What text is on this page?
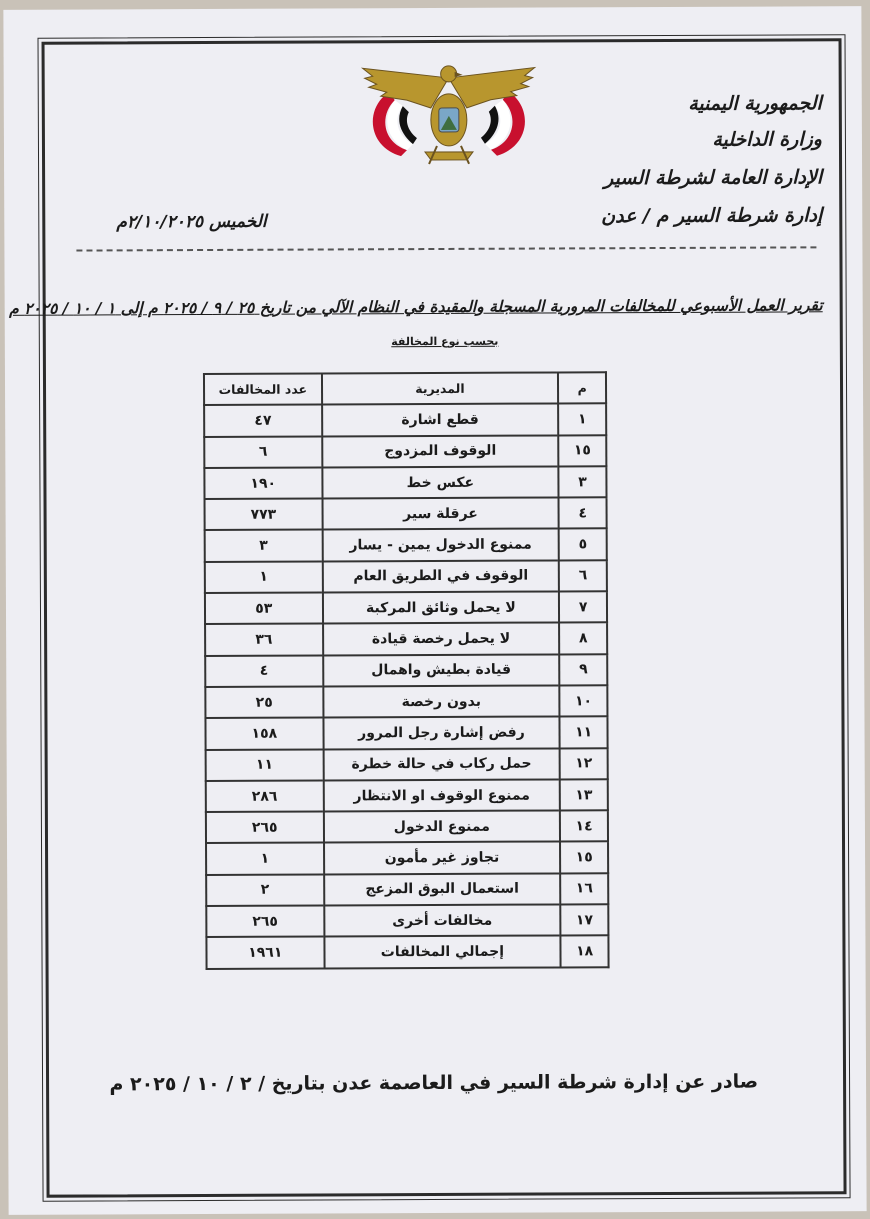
الجمهورية اليمنية
وزارة الداخلية
الإدارة العامة لشرطة السير
إدارة شرطة السير م / عدن
الخميس ٢/١٠/٢٠٢٥م
تقرير العمل الأسبوعي للمخالفات المرورية المسجلة والمقيدة في النظام الآلي من تاريخ ٢٥ / ٩ / ٢٠٢٥ م إلى ١ / ١٠ / ٢٠٢٥ م
بحسب نوع المخالفة
م	المديرية	عدد المخالفات
١	قطع اشارة	٤٧
١٥	الوقوف المزدوج	٦
٣	عكس خط	١٩٠
٤	عرقلة سير	٧٧٣
٥	ممنوع الدخول يمين - يسار	٣
٦	الوقوف في الطريق العام	١
٧	لا يحمل وثائق المركبة	٥٣
٨	لا يحمل رخصة قيادة	٣٦
٩	قيادة بطيش واهمال	٤
١٠	بدون رخصة	٢٥
١١	رفض إشارة رجل المرور	١٥٨
١٢	حمل ركاب في حالة خطرة	١١
١٣	ممنوع الوقوف او الانتظار	٢٨٦
١٤	ممنوع الدخول	٢٦٥
١٥	تجاوز غير مأمون	١
١٦	استعمال البوق المزعج	٢
١٧	مخالفات أخرى	٢٦٥
١٨	إجمالي المخالفات	١٩٦١
صادر عن إدارة شرطة السير في العاصمة عدن بتاريخ / ٢ / ١٠ / ٢٠٢٥ م
